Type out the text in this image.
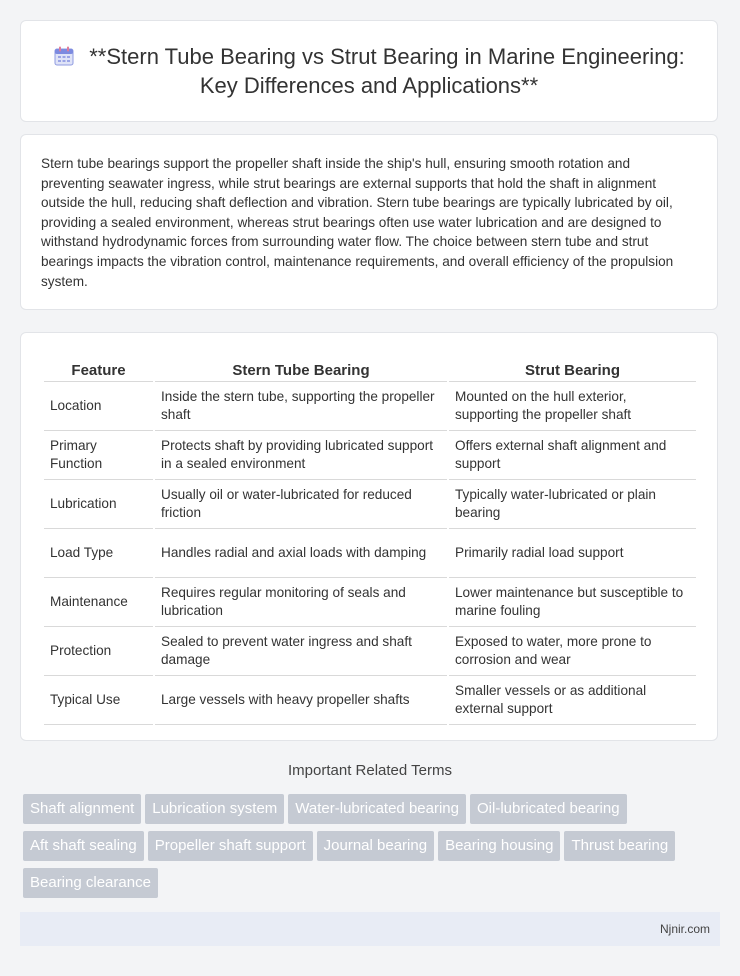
**Stern Tube Bearing vs Strut Bearing in Marine Engineering: Key Differences and Applications**

Stern tube bearings support the propeller shaft inside the ship's hull, ensuring smooth rotation and preventing seawater ingress, while strut bearings are external supports that hold the shaft in alignment outside the hull, reducing shaft deflection and vibration. Stern tube bearings are typically lubricated by oil, providing a sealed environment, whereas strut bearings often use water lubrication and are designed to withstand hydrodynamic forces from surrounding water flow. The choice between stern tube and strut bearings impacts the vibration control, maintenance requirements, and overall efficiency of the propulsion system.

Feature	Stern Tube Bearing	Strut Bearing
Location	Inside the stern tube, supporting the propeller shaft	Mounted on the hull exterior, supporting the propeller shaft
Primary Function	Protects shaft by providing lubricated support in a sealed environment	Offers external shaft alignment and support
Lubrication	Usually oil or water-lubricated for reduced friction	Typically water-lubricated or plain bearing
Load Type	Handles radial and axial loads with damping	Primarily radial load support
Maintenance	Requires regular monitoring of seals and lubrication	Lower maintenance but susceptible to marine fouling
Protection	Sealed to prevent water ingress and shaft damage	Exposed to water, more prone to corrosion and wear
Typical Use	Large vessels with heavy propeller shafts	Smaller vessels or as additional external support
Important Related Terms
Shaft alignment	Lubrication system	Water-lubricated bearing	Oil-lubricated bearing
Aft shaft sealing	Propeller shaft support	Journal bearing	Bearing housing	Thrust bearing
Bearing clearance
Njnir.com
